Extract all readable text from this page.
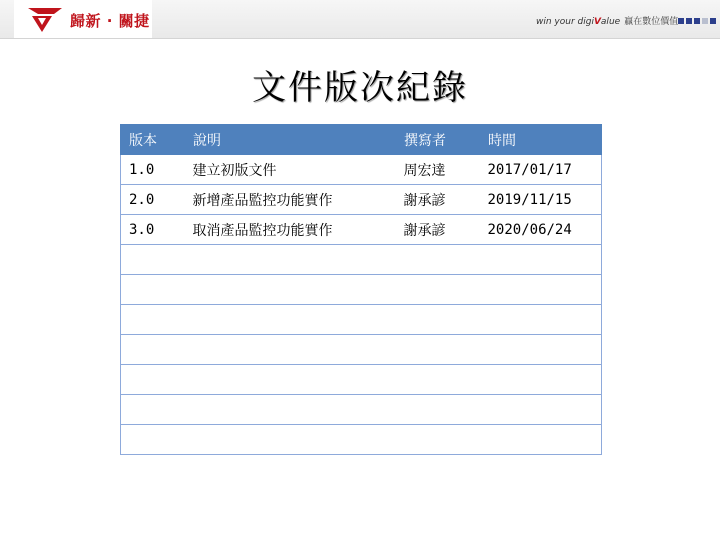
歸新 · 關捷	win your digiValue 贏在數位價值
文件版次紀錄
版本	說明	撰寫者	時間
1.0	建立初版文件	周宏達	2017/01/17
2.0	新增產品監控功能實作	謝承諺	2019/11/15
3.0	取消產品監控功能實作	謝承諺	2020/06/24
